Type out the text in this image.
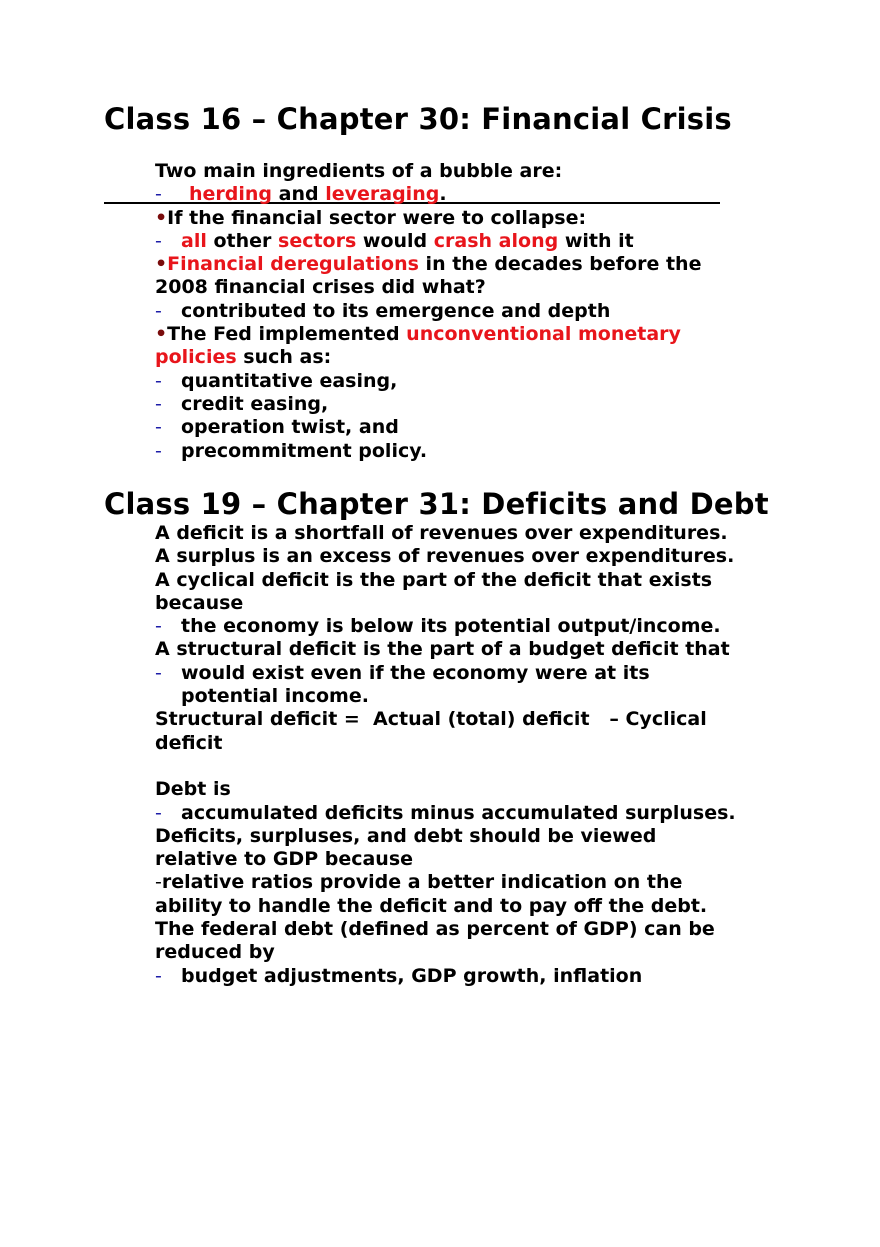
Class 16 – Chapter 30: Financial Crisis
Two main ingredients of a bubble are:
- herding and leveraging.
•If the financial sector were to collapse:
- all other sectors would crash along with it
•Financial deregulations in the decades before the
2008 financial crises did what?
- contributed to its emergence and depth
•The Fed implemented unconventional monetary
policies such as:
- quantitative easing,
- credit easing,
- operation twist, and
- precommitment policy.
Class 19 – Chapter 31: Deficits and Debt
A deficit is a shortfall of revenues over expenditures.
A surplus is an excess of revenues over expenditures.
A cyclical deficit is the part of the deficit that exists
because
- the economy is below its potential output/income.
A structural deficit is the part of a budget deficit that
- would exist even if the economy were at its
potential income.
Structural deficit =  Actual (total) deficit   – Cyclical
deficit
Debt is
- accumulated deficits minus accumulated surpluses.
Deficits, surpluses, and debt should be viewed
relative to GDP because
-relative ratios provide a better indication on the
ability to handle the deficit and to pay off the debt.
The federal debt (defined as percent of GDP) can be
reduced by
- budget adjustments, GDP growth, inflation
